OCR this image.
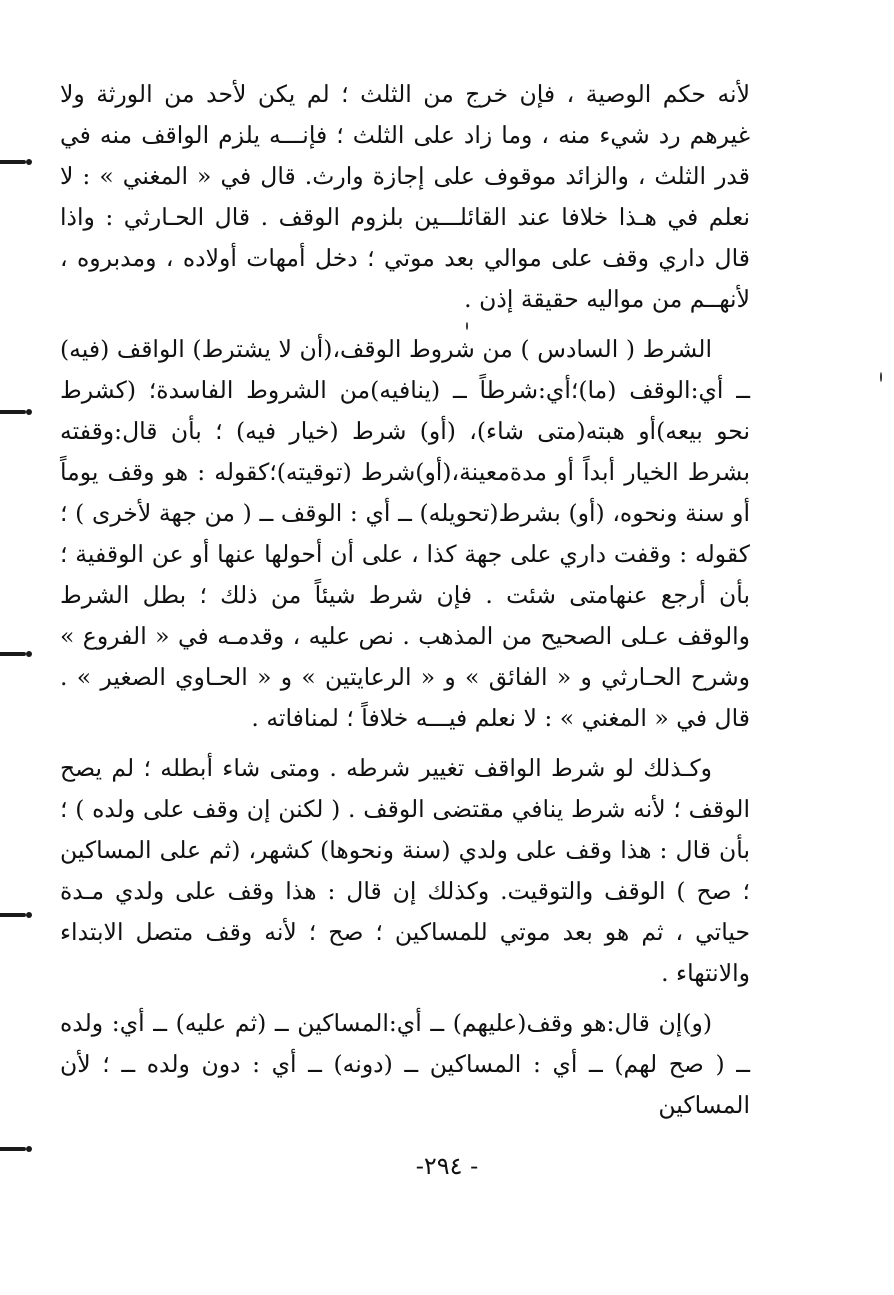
لأنه حكم الوصية ، فإن خرج من الثلث ؛ لم يكن لأحد من الورثة ولا غيرهم رد شيء منه ، وما زاد على الثلث ؛ فإنـــه يلزم الواقف منه في قدر الثلث ، والزائد موقوف على إجازة وارث. قال في « المغني » : لا نعلم في هـذا خلافا عند القائلـــين بلزوم الوقف . قال الحـارثي : واذا قال داري وقف على موالي بعد موتي ؛ دخل أمهات أولاده ، ومدبروه ، لأنهــم من مواليه حقيقة إذن .

الشرط ( السادس ) من شروط الوقف،(أن لا يشترط) الواقف (فيه) ــ أي:الوقف (ما)؛أي:شرطاً ــ (ينافيه)من الشروط الفاسدة؛ (كشرط نحو بيعه)أو هبته(متى شاء)، (أو) شرط (خيار فيه) ؛ بأن قال:وقفته بشرط الخيار أبداً أو مدةمعينة،(أو)شرط (توقيته)؛كقوله : هو وقف يوماً أو سنة ونحوه، (أو) بشرط(تحويله) ــ أي : الوقف ــ ( من جهة لأخرى ) ؛ كقوله : وقفت داري على جهة كذا ، على أن أحولها عنها أو عن الوقفية ؛ بأن أرجع عنهامتى شئت . فإن شرط شيئاً من ذلك ؛ بطل الشرط والوقف عـلى الصحيح من المذهب . نص عليه ، وقدمـه في « الفروع » وشرح الحـارثي و « الفائق » و « الرعايتين » و « الحـاوي الصغير » . قال في « المغني » : لا نعلم فيـــه خلافاً ؛ لمنافاته .

وكـذلك لو شرط الواقف تغيير شرطه . ومتى شاء أبطله ؛ لم يصح الوقف ؛ لأنه شرط ينافي مقتضى الوقف . ( لكنن إن وقف على ولده ) ؛ بأن قال : هذا وقف على ولدي (سنة ونحوها) كشهر، (ثم على المساكين ؛ صح ) الوقف والتوقيت. وكذلك إن قال : هذا وقف على ولدي مـدة حياتي ، ثم هو بعد موتي للمساكين ؛ صح ؛ لأنه وقف متصل الابتداء والانتهاء .

(و)إن قال:هو وقف(عليهم) ــ أي:المساكين ــ (ثم عليه) ــ أي: ولده ــ ( صح لهم) ــ أي : المساكين ــ (دونه) ــ أي : دون ولده ــ ؛ لأن المساكين

-٢٩٤ -
